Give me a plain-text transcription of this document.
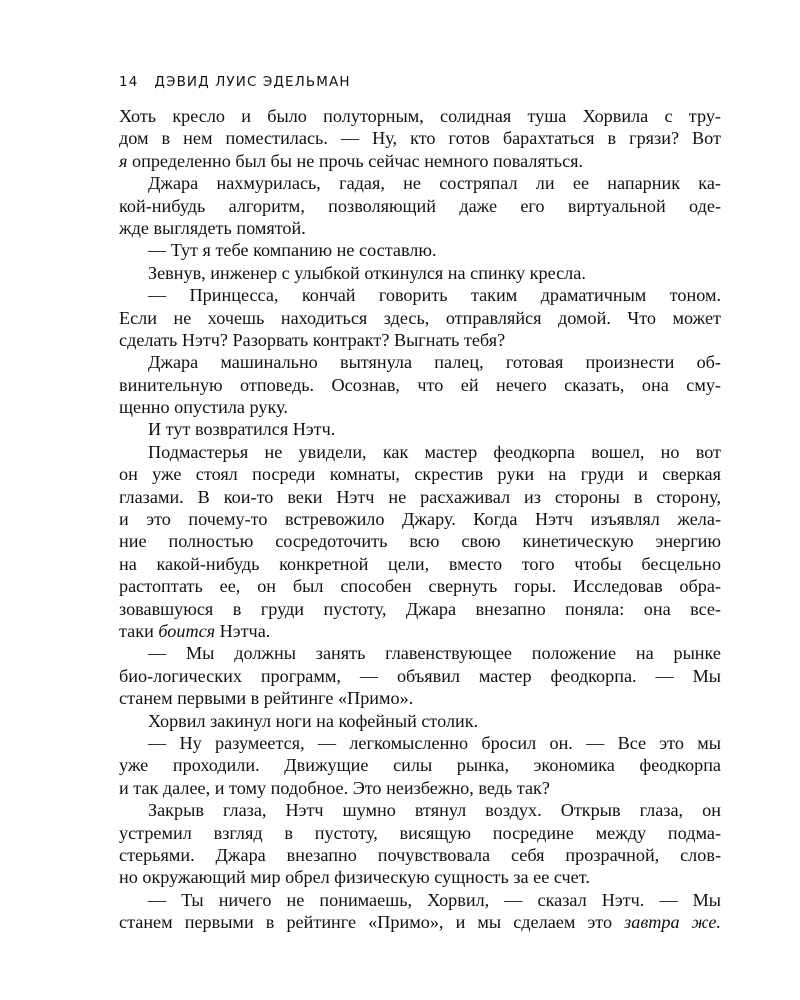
14 ДЭВИД ЛУИС ЭДЕЛЬМАН
Хоть кресло и было полуторным, солидная туша Хорвила с тру-
дом в нем поместилась. — Ну, кто готов барахтаться в грязи? Вот
я определенно был бы не прочь сейчас немного поваляться.
Джара нахмурилась, гадая, не состряпал ли ее напарник ка-
кой-нибудь алгоритм, позволяющий даже его виртуальной оде-
жде выглядеть помятой.
— Тут я тебе компанию не составлю.
Зевнув, инженер с улыбкой откинулся на спинку кресла.
— Принцесса, кончай говорить таким драматичным тоном.
Если не хочешь находиться здесь, отправляйся домой. Что может
сделать Нэтч? Разорвать контракт? Выгнать тебя?
Джара машинально вытянула палец, готовая произнести об-
винительную отповедь. Осознав, что ей нечего сказать, она сму-
щенно опустила руку.
И тут возвратился Нэтч.
Подмастерья не увидели, как мастер феодкорпа вошел, но вот
он уже стоял посреди комнаты, скрестив руки на груди и сверкая
глазами. В кои-то веки Нэтч не расхаживал из стороны в сторону,
и это почему-то встревожило Джару. Когда Нэтч изъявлял жела-
ние полностью сосредоточить всю свою кинетическую энергию
на какой-нибудь конкретной цели, вместо того чтобы бесцельно
растоптать ее, он был способен свернуть горы. Исследовав обра-
зовавшуюся в груди пустоту, Джара внезапно поняла: она все-
таки боится Нэтча.
— Мы должны занять главенствующее положение на рынке
био-логических программ, — объявил мастер феодкорпа. — Мы
станем первыми в рейтинге «Примо».
Хорвил закинул ноги на кофейный столик.
— Ну разумеется, — легкомысленно бросил он. — Все это мы
уже проходили. Движущие силы рынка, экономика феодкорпа
и так далее, и тому подобное. Это неизбежно, ведь так?
Закрыв глаза, Нэтч шумно втянул воздух. Открыв глаза, он
устремил взгляд в пустоту, висящую посредине между подма-
стерьями. Джара внезапно почувствовала себя прозрачной, слов-
но окружающий мир обрел физическую сущность за ее счет.
— Ты ничего не понимаешь, Хорвил, — сказал Нэтч. — Мы
станем первыми в рейтинге «Примо», и мы сделаем это завтра же.
